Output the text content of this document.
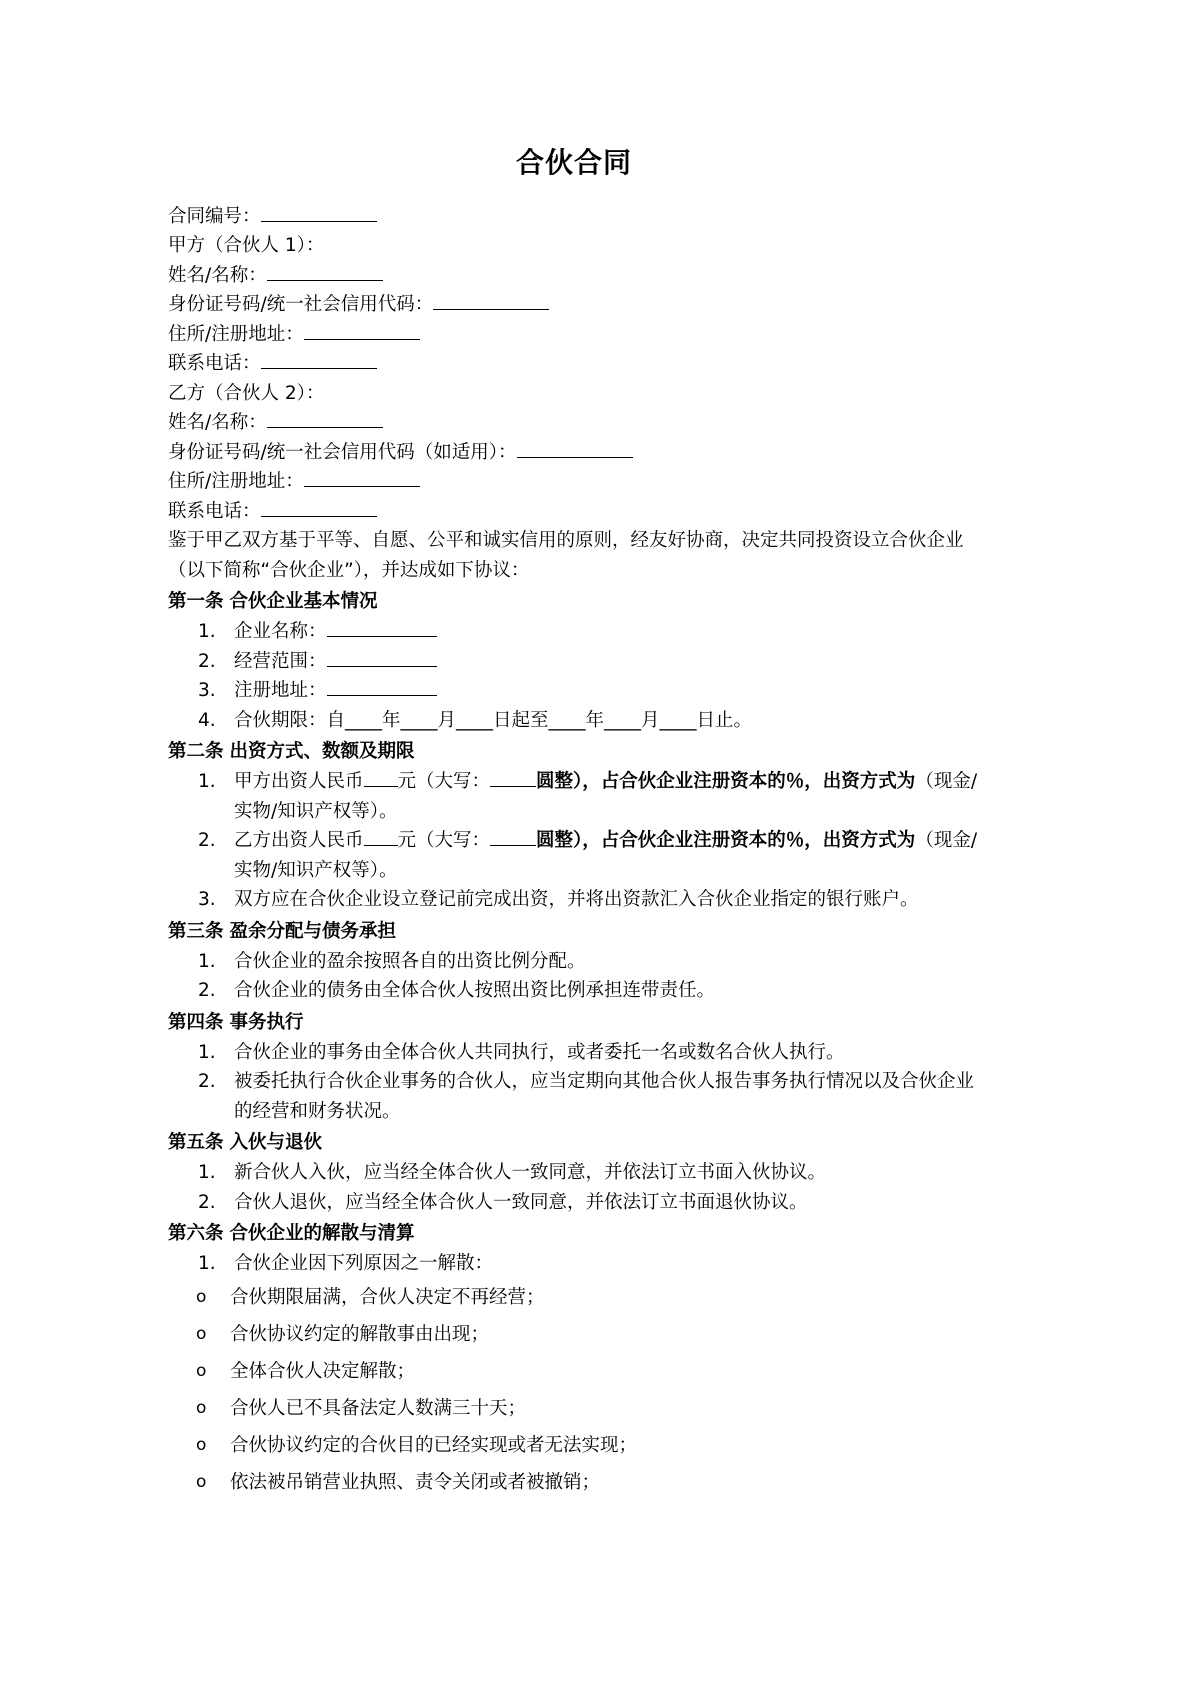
合伙合同

合同编号：

甲方（合伙人 1）：

姓名/名称：

身份证号码/统一社会信用代码：

住所/注册地址：

联系电话：

乙方（合伙人 2）：

姓名/名称：

身份证号码/统一社会信用代码（如适用）：

住所/注册地址：

联系电话：

鉴于甲乙双方基于平等、自愿、公平和诚实信用的原则，经友好协商，决定共同投资设立合伙企业（以下简称“合伙企业”），并达成如下协议：

第一条 合伙企业基本情况

1. 企业名称：
2. 经营范围：
3. 注册地址：
4. 合伙期限：自____年____月____日起至____年____月____日止。

第二条 出资方式、数额及期限

1. 甲方出资人民币 元（大写： 圆整），占合伙企业注册资本的％，出资方式为（现金/实物/知识产权等）。
2. 乙方出资人民币 元（大写： 圆整），占合伙企业注册资本的％，出资方式为（现金/实物/知识产权等）。
3. 双方应在合伙企业设立登记前完成出资，并将出资款汇入合伙企业指定的银行账户。

第三条 盈余分配与债务承担

1. 合伙企业的盈余按照各自的出资比例分配。
2. 合伙企业的债务由全体合伙人按照出资比例承担连带责任。

第四条 事务执行

1. 合伙企业的事务由全体合伙人共同执行，或者委托一名或数名合伙人执行。
2. 被委托执行合伙企业事务的合伙人，应当定期向其他合伙人报告事务执行情况以及合伙企业的经营和财务状况。

第五条 入伙与退伙

1. 新合伙人入伙，应当经全体合伙人一致同意，并依法订立书面入伙协议。
2. 合伙人退伙，应当经全体合伙人一致同意，并依法订立书面退伙协议。

第六条 合伙企业的解散与清算

1. 合伙企业因下列原因之一解散：
o 合伙期限届满，合伙人决定不再经营；
o 合伙协议约定的解散事由出现；
o 全体合伙人决定解散；
o 合伙人已不具备法定人数满三十天；
o 合伙协议约定的合伙目的已经实现或者无法实现；
o 依法被吊销营业执照、责令关闭或者被撤销；
